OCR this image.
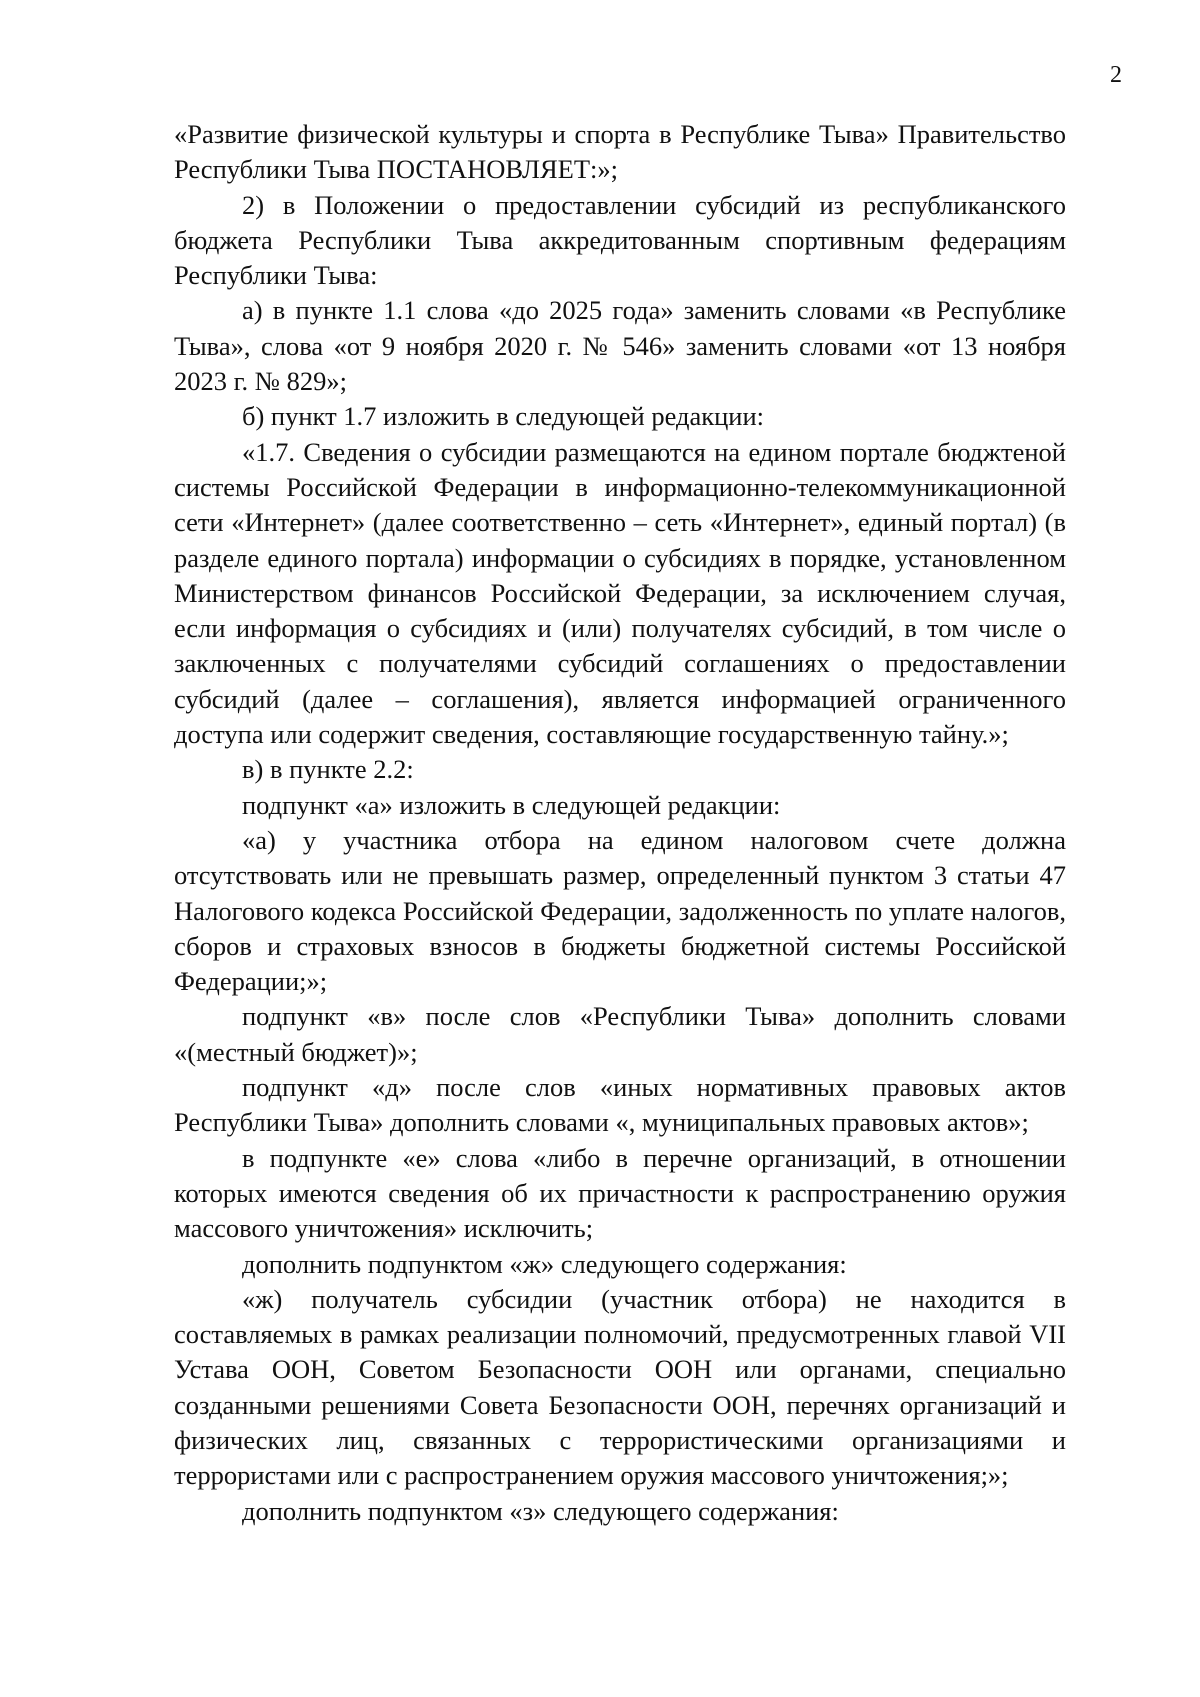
2

«Развитие физической культуры и спорта в Республике Тыва» Правительство Республики Тыва ПОСТАНОВЛЯЕТ:»;

2) в Положении о предоставлении субсидий из республиканского бюджета Республики Тыва аккредитованным спортивным федерациям Республики Тыва:

а) в пункте 1.1 слова «до 2025 года» заменить словами «в Республике Тыва», слова «от 9 ноября 2020 г. № 546» заменить словами «от 13 ноября 2023 г. № 829»;

б) пункт 1.7 изложить в следующей редакции:

«1.7. Сведения о субсидии размещаются на едином портале бюджтеной системы Российской Федерации в информационно-телекоммуникационной сети «Интернет» (далее соответственно – сеть «Интернет», единый портал) (в разделе единого портала) информации о субсидиях в порядке, установленном Министерством финансов Российской Федерации, за исключением случая, если информация о субсидиях и (или) получателях субсидий, в том числе о заключенных с получателями субсидий соглашениях о предоставлении субсидий (далее – соглашения), является информацией ограниченного доступа или содержит сведения, составляющие государственную тайну.»;

в) в пункте 2.2:

подпункт «а» изложить в следующей редакции:

«а) у участника отбора на едином налоговом счете должна отсутствовать или не превышать размер, определенный пунктом 3 статьи 47 Налогового кодекса Российской Федерации, задолженность по уплате налогов, сборов и страховых взносов в бюджеты бюджетной системы Российской Федерации;»;

подпункт «в» после слов «Республики Тыва» дополнить словами «(местный бюджет)»;

подпункт «д» после слов «иных нормативных правовых актов Республики Тыва» дополнить словами «, муниципальных правовых актов»;

в подпункте «е» слова «либо в перечне организаций, в отношении которых имеются сведения об их причастности к распространению оружия массового уничтожения» исключить;

дополнить подпунктом «ж» следующего содержания:

«ж) получатель субсидии (участник отбора) не находится в составляемых в рамках реализации полномочий, предусмотренных главой VII Устава ООН, Советом Безопасности ООН или органами, специально созданными решениями Совета Безопасности ООН, перечнях организаций и физических лиц, связанных с террористическими организациями и террористами или с распространением оружия массового уничтожения;»;

дополнить подпунктом «з» следующего содержания:
